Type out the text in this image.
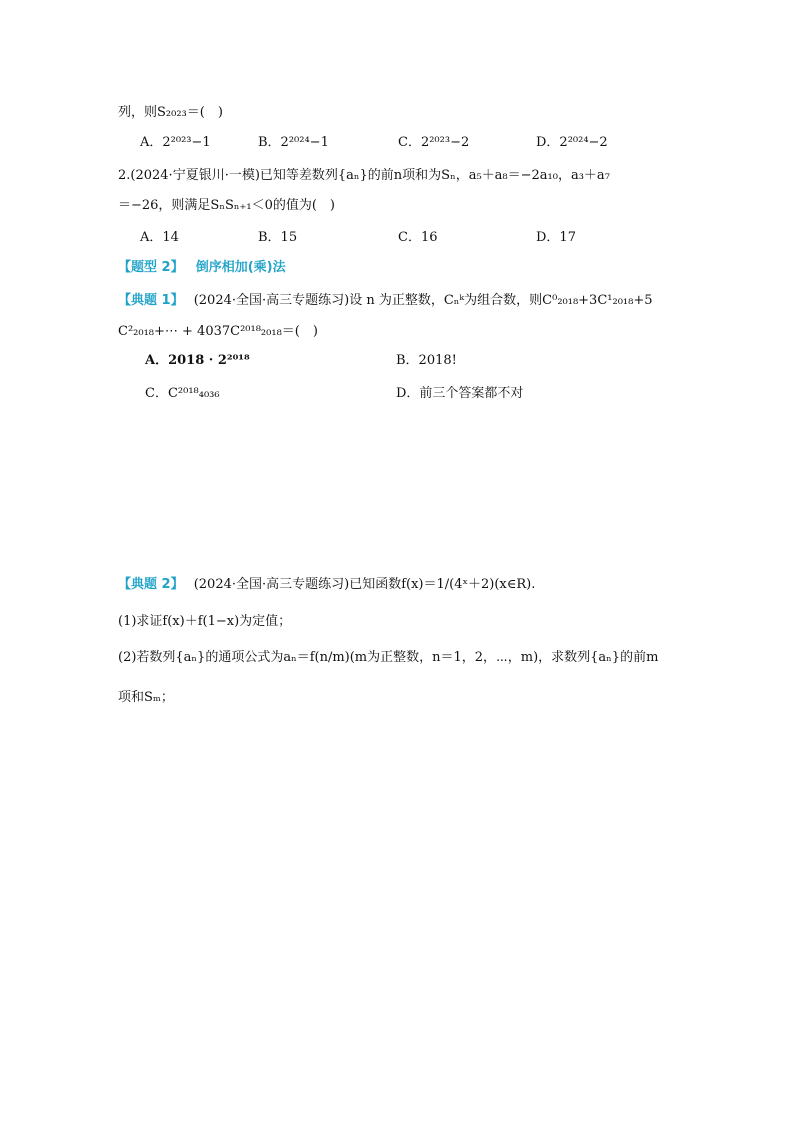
列，则S₂₀₂₃＝(　)
A．2²⁰²³−1	B．2²⁰²⁴−1	C．2²⁰²³−2	D．2²⁰²⁴−2
2.(2024·宁夏银川·一模)已知等差数列{aₙ}的前n项和为Sₙ，a₅＋a₈＝−2a₁₀，a₃＋a₇
＝−26，则满足SₙSₙ₊₁＜0的值为(　)
A．14	B．15	C．16	D．17
【题型 2】 倒序相加(乘)法
【典题 1】 (2024·全国·高三专题练习)设 n 为正整数，Cₙᵏ为组合数，则C⁰₂₀₁₈+3C¹₂₀₁₈+5
C²₂₀₁₈+⋯ + 4037C²⁰¹⁸₂₀₁₈＝(　)
A．2018 · 2²⁰¹⁸	B．2018!
C．C²⁰¹⁸₄₀₃₆	D．前三个答案都不对
【典题 2】 (2024·全国·高三专题练习)已知函数f(x)＝1/(4ˣ＋2)(x∈R).
(1)求证f(x)＋f(1−x)为定值；
(2)若数列{aₙ}的通项公式为aₙ＝f(n/m)(m为正整数，n＝1，2，⋯，m)，求数列{aₙ}的前m
项和Sₘ；
